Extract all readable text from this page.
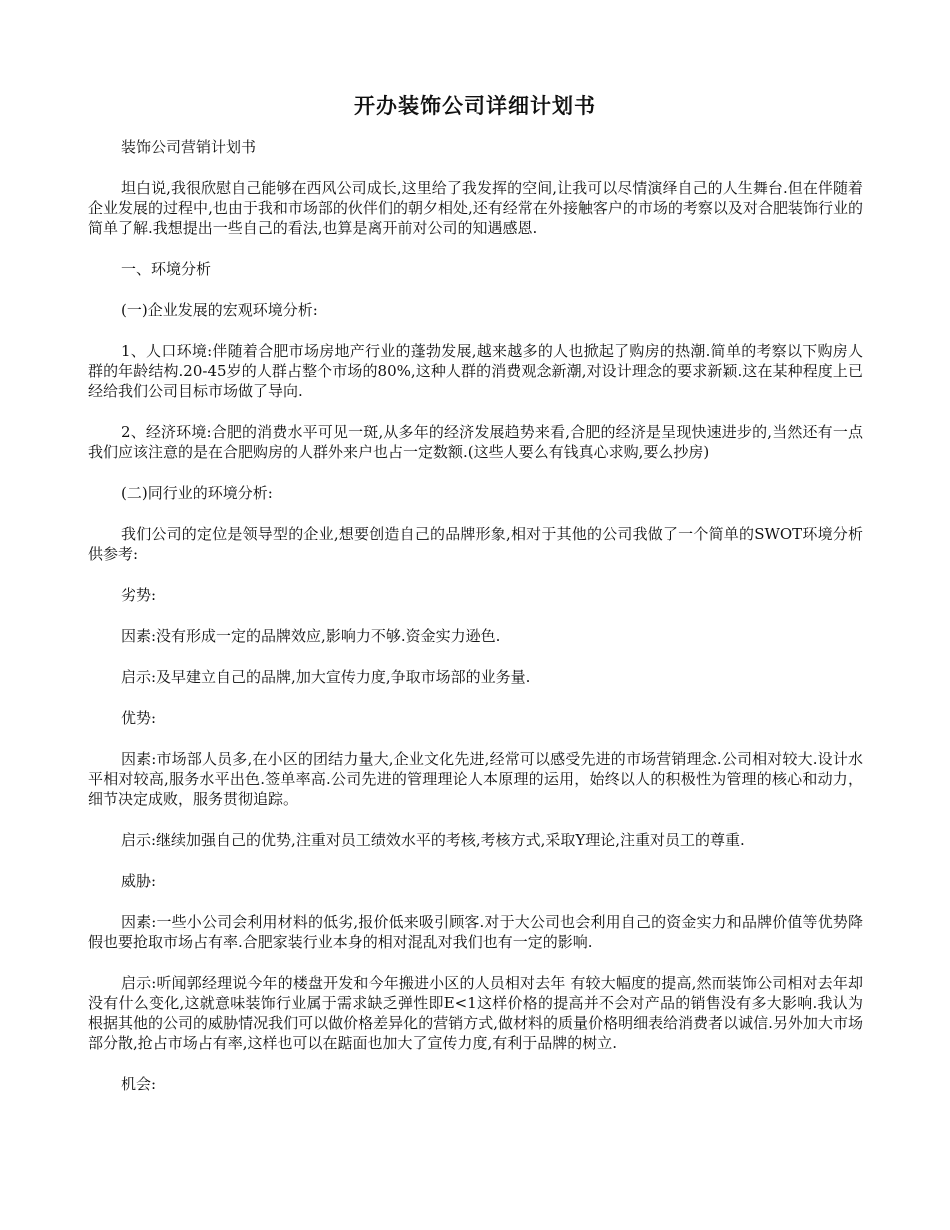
开办装饰公司详细计划书

装饰公司营销计划书

坦白说,我很欣慰自己能够在西风公司成长,这里给了我发挥的空间,让我可以尽情演绎自己的人生舞台.但在伴随着企业发展的过程中,也由于我和市场部的伙伴们的朝夕相处,还有经常在外接触客户的市场的考察以及对合肥装饰行业的简单了解.我想提出一些自己的看法,也算是离开前对公司的知遇感恩.

一、环境分析

(一)企业发展的宏观环境分析:

1、人口环境:伴随着合肥市场房地产行业的蓬勃发展,越来越多的人也掀起了购房的热潮.简单的考察以下购房人群的年龄结构.20-45岁的人群占整个市场的80%,这种人群的消费观念新潮,对设计理念的要求新颖.这在某种程度上已经给我们公司目标市场做了导向.

2、经济环境:合肥的消费水平可见一斑,从多年的经济发展趋势来看,合肥的经济是呈现快速进步的,当然还有一点我们应该注意的是在合肥购房的人群外来户也占一定数额.(这些人要么有钱真心求购,要么抄房)

(二)同行业的环境分析:

我们公司的定位是领导型的企业,想要创造自己的品牌形象,相对于其他的公司我做了一个简单的SWOT环境分析供参考:

劣势:

因素:没有形成一定的品牌效应,影响力不够.资金实力逊色.

启示:及早建立自己的品牌,加大宣传力度,争取市场部的业务量.

优势:

因素:市场部人员多,在小区的团结力量大,企业文化先进,经常可以感受先进的市场营销理念.公司相对较大.设计水平相对较高,服务水平出色.签单率高.公司先进的管理理论人本原理的运用，始终以人的积极性为管理的核心和动力，细节决定成败，服务贯彻追踪。

启示:继续加强自己的优势,注重对员工绩效水平的考核,考核方式,采取Y理论,注重对员工的尊重.

威胁:

因素:一些小公司会利用材料的低劣,报价低来吸引顾客.对于大公司也会利用自己的资金实力和品牌价值等优势降假也要抢取市场占有率.合肥家装行业本身的相对混乱对我们也有一定的影响.

启示:听闻郭经理说今年的楼盘开发和今年搬进小区的人员相对去年 有较大幅度的提高,然而装饰公司相对去年却没有什么变化,这就意味装饰行业属于需求缺乏弹性即E<1这样价格的提高并不会对产品的销售没有多大影响.我认为根据其他的公司的威胁情况我们可以做价格差异化的营销方式,做材料的质量价格明细表给消费者以诚信.另外加大市场部分散,抢占市场占有率,这样也可以在踮面也加大了宣传力度,有利于品牌的树立.

机会:
